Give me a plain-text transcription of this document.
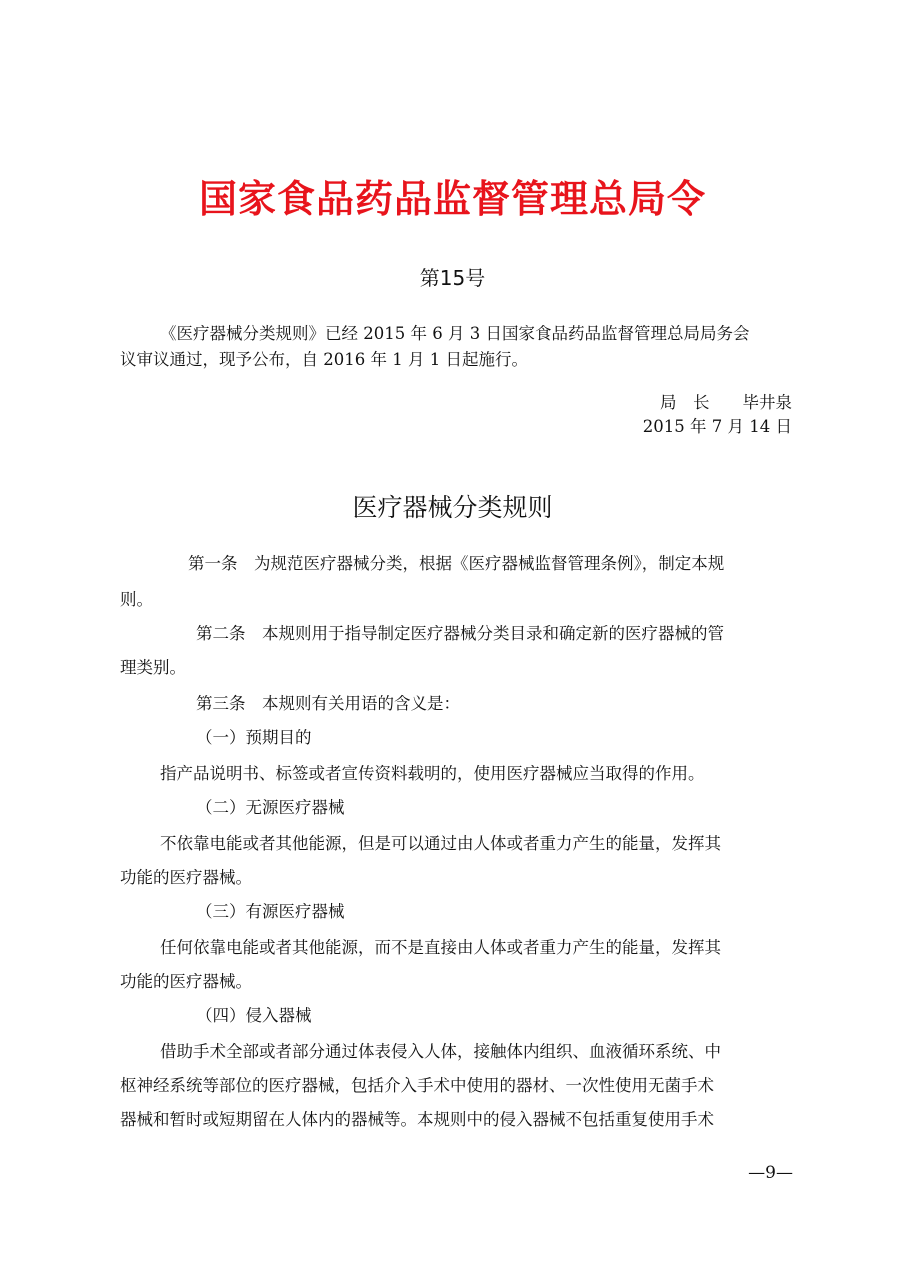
国家食品药品监督管理总局令
第15号
《医疗器械分类规则》已经 2015 年 6 月 3 日国家食品药品监督管理总局局务会
议审议通过，现予公布，自 2016 年 1 月 1 日起施行。
局　长　　毕井泉
2015 年 7 月 14 日
医疗器械分类规则
第一条　为规范医疗器械分类，根据《医疗器械监督管理条例》，制定本规
则。
第二条　本规则用于指导制定医疗器械分类目录和确定新的医疗器械的管
理类别。
第三条　本规则有关用语的含义是：
（一）预期目的
指产品说明书、标签或者宣传资料载明的，使用医疗器械应当取得的作用。
（二）无源医疗器械
不依靠电能或者其他能源，但是可以通过由人体或者重力产生的能量，发挥其
功能的医疗器械。
（三）有源医疗器械
任何依靠电能或者其他能源，而不是直接由人体或者重力产生的能量，发挥其
功能的医疗器械。
（四）侵入器械
借助手术全部或者部分通过体表侵入人体，接触体内组织、血液循环系统、中
枢神经系统等部位的医疗器械，包括介入手术中使用的器材、一次性使用无菌手术
器械和暂时或短期留在人体内的器械等。本规则中的侵入器械不包括重复使用手术
—9—
